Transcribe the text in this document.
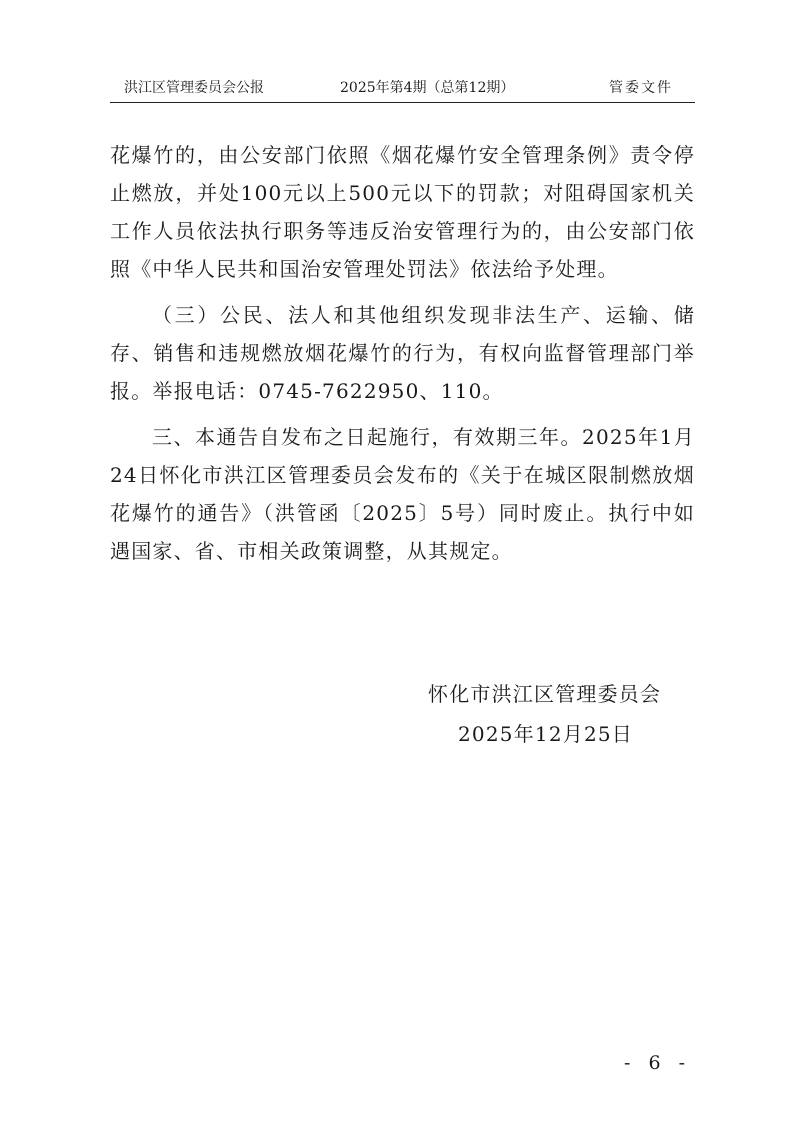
洪江区管理委员会公报	2025年第4期（总第12期）	管委文件

花爆竹的，由公安部门依照《烟花爆竹安全管理条例》责令停止燃放，并处100元以上500元以下的罚款；对阻碍国家机关工作人员依法执行职务等违反治安管理行为的，由公安部门依照《中华人民共和国治安管理处罚法》依法给予处理。

（三）公民、法人和其他组织发现非法生产、运输、储存、销售和违规燃放烟花爆竹的行为，有权向监督管理部门举报。举报电话：0745-7622950、110。

三、本通告自发布之日起施行，有效期三年。2025年1月24日怀化市洪江区管理委员会发布的《关于在城区限制燃放烟花爆竹的通告》（洪管函〔2025〕5号）同时废止。执行中如遇国家、省、市相关政策调整，从其规定。

怀化市洪江区管理委员会
2025年12月25日
- 6 -
